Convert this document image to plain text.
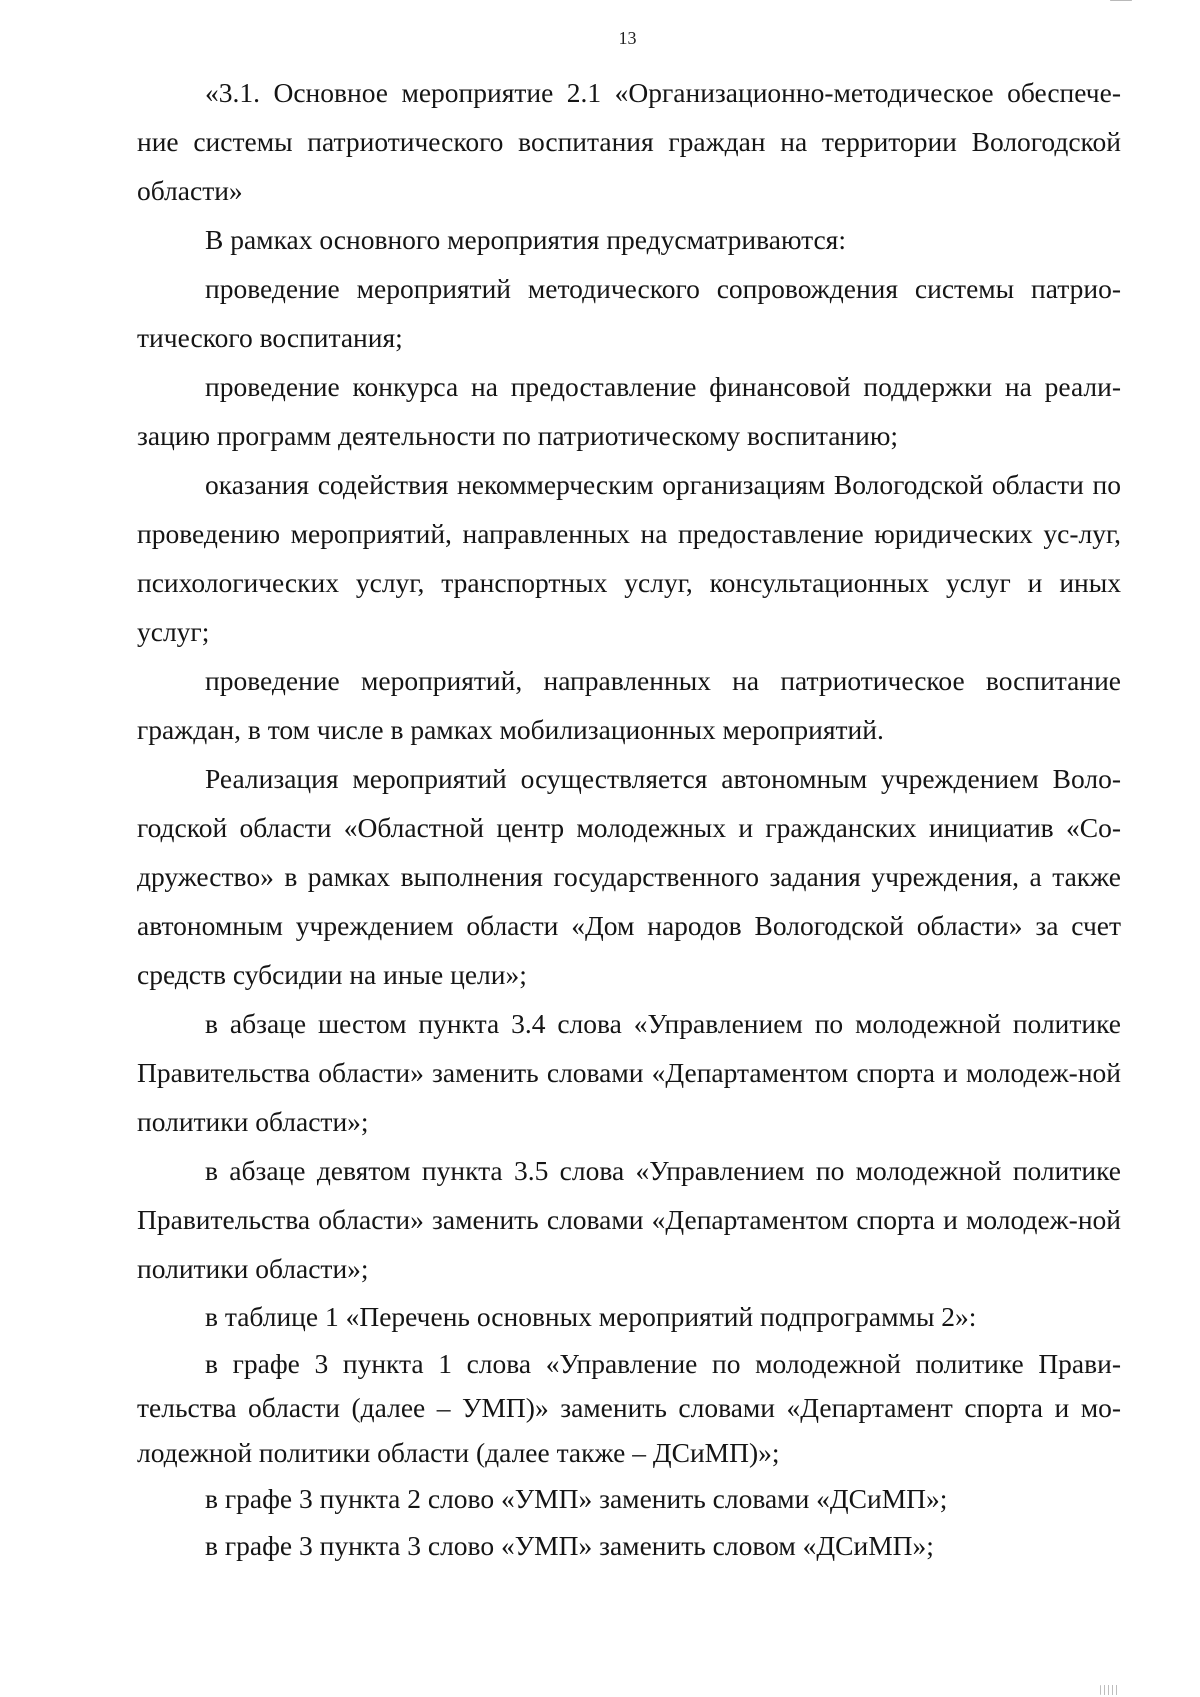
13

«3.1. Основное мероприятие 2.1 «Организационно-методическое обеспече-ние системы патриотического воспитания граждан на территории Вологодской области»

В рамках основного мероприятия предусматриваются:

проведение мероприятий методического сопровождения системы патрио-тического воспитания;

проведение конкурса на предоставление финансовой поддержки на реали-зацию программ деятельности по патриотическому воспитанию;

оказания содействия некоммерческим организациям Вологодской области по проведению мероприятий, направленных на предоставление юридических ус-луг, психологических услуг, транспортных услуг, консультационных услуг и иных услуг;

проведение мероприятий, направленных на патриотическое воспитание граждан, в том числе в рамках мобилизационных мероприятий.

Реализация мероприятий осуществляется автономным учреждением Воло-годской области «Областной центр молодежных и гражданских инициатив «Со-дружество» в рамках выполнения государственного задания учреждения, а также автономным учреждением области «Дом народов Вологодской области» за счет средств субсидии на иные цели»;

в абзаце шестом пункта 3.4 слова «Управлением по молодежной политике Правительства области» заменить словами «Департаментом спорта и молодеж-ной политики области»;

в абзаце девятом пункта 3.5 слова «Управлением по молодежной политике Правительства области» заменить словами «Департаментом спорта и молодеж-ной политики области»;

в таблице 1 «Перечень основных мероприятий подпрограммы 2»:

в графе 3 пункта 1 слова «Управление по молодежной политике Прави-тельства области (далее – УМП)» заменить словами «Департамент спорта и мо-лодежной политики области (далее также – ДСиМП)»;

в графе 3 пункта 2 слово «УМП» заменить словами «ДСиМП»;

в графе 3 пункта 3 слово «УМП» заменить словом «ДСиМП»;
